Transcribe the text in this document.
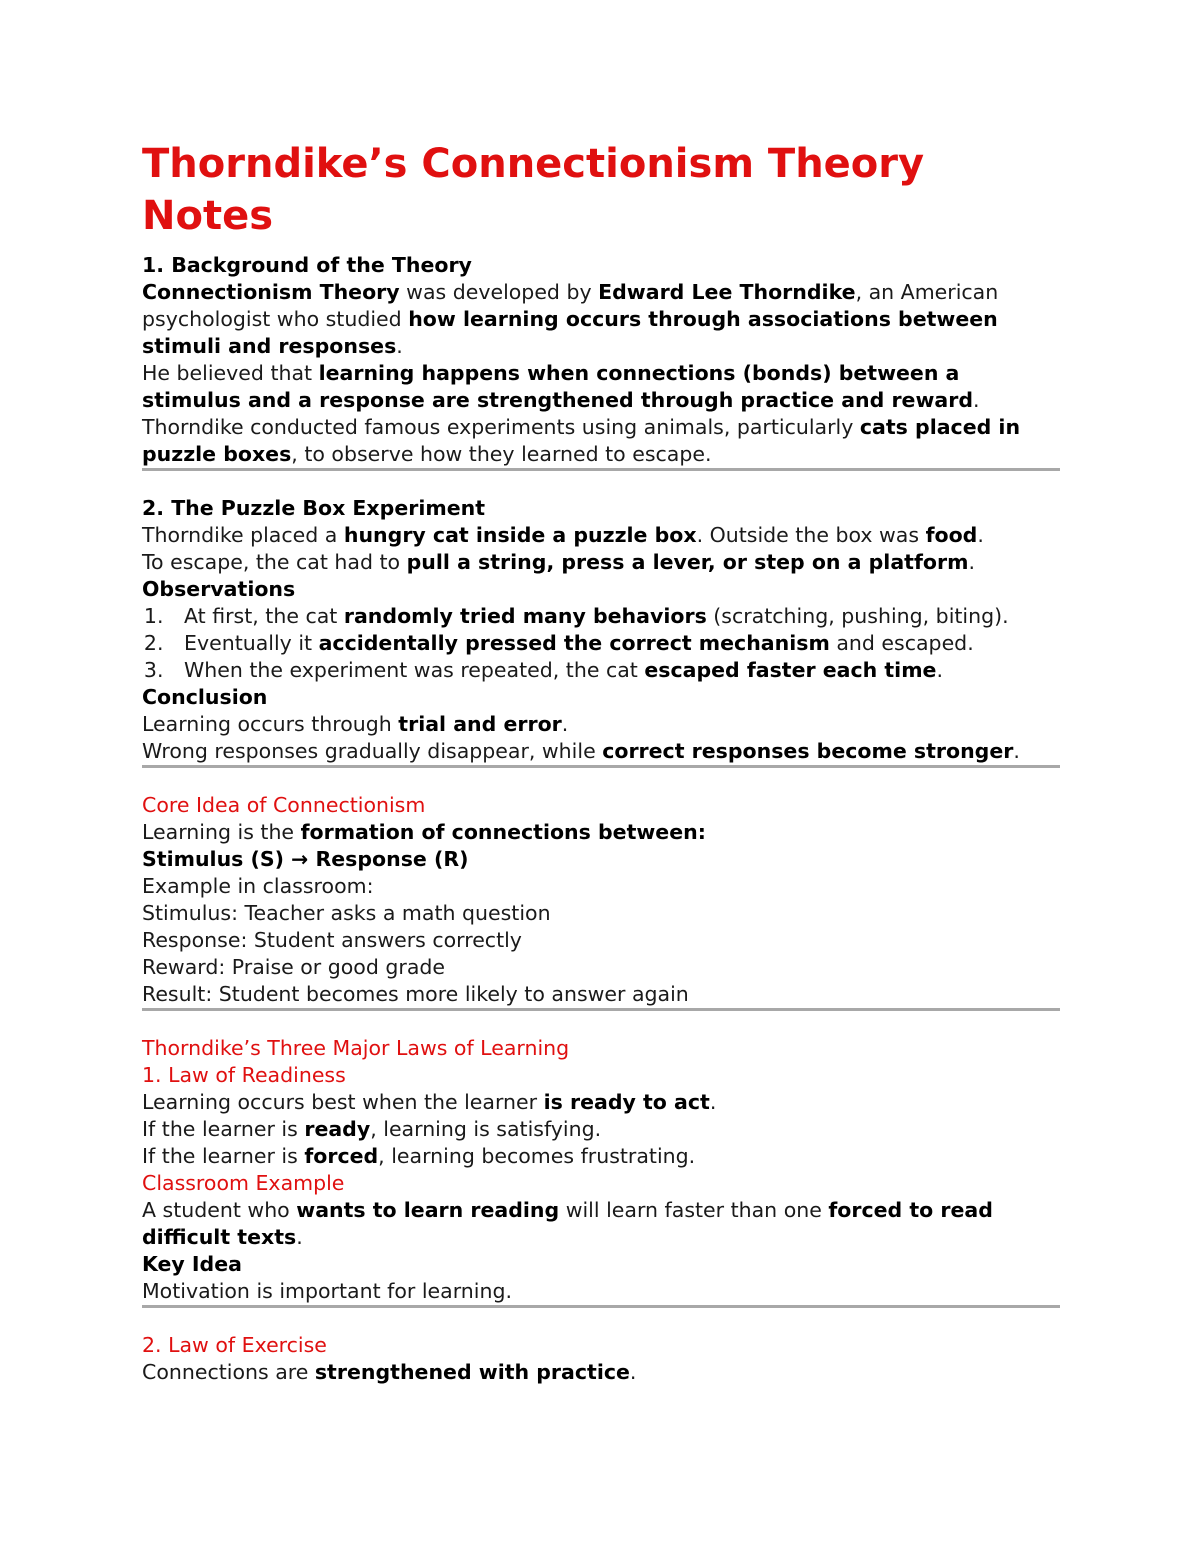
Thorndike’s Connectionism Theory Notes

1. Background of the Theory

Connectionism Theory was developed by Edward Lee Thorndike, an American psychologist who studied how learning occurs through associations between stimuli and responses.

He believed that learning happens when connections (bonds) between a stimulus and a response are strengthened through practice and reward.

Thorndike conducted famous experiments using animals, particularly cats placed in puzzle boxes, to observe how they learned to escape.

2. The Puzzle Box Experiment

Thorndike placed a hungry cat inside a puzzle box. Outside the box was food.

To escape, the cat had to pull a string, press a lever, or step on a platform.

Observations

1. At first, the cat randomly tried many behaviors (scratching, pushing, biting).
2. Eventually it accidentally pressed the correct mechanism and escaped.
3. When the experiment was repeated, the cat escaped faster each time.

Conclusion

Learning occurs through trial and error.

Wrong responses gradually disappear, while correct responses become stronger.

Core Idea of Connectionism

Learning is the formation of connections between:

Stimulus (S) → Response (R)

Example in classroom:

Stimulus: Teacher asks a math question

Response: Student answers correctly

Reward: Praise or good grade

Result: Student becomes more likely to answer again

Thorndike’s Three Major Laws of Learning

1. Law of Readiness

Learning occurs best when the learner is ready to act.

If the learner is ready, learning is satisfying.

If the learner is forced, learning becomes frustrating.

Classroom Example

A student who wants to learn reading will learn faster than one forced to read difficult texts.

Key Idea

Motivation is important for learning.

2. Law of Exercise

Connections are strengthened with practice.
